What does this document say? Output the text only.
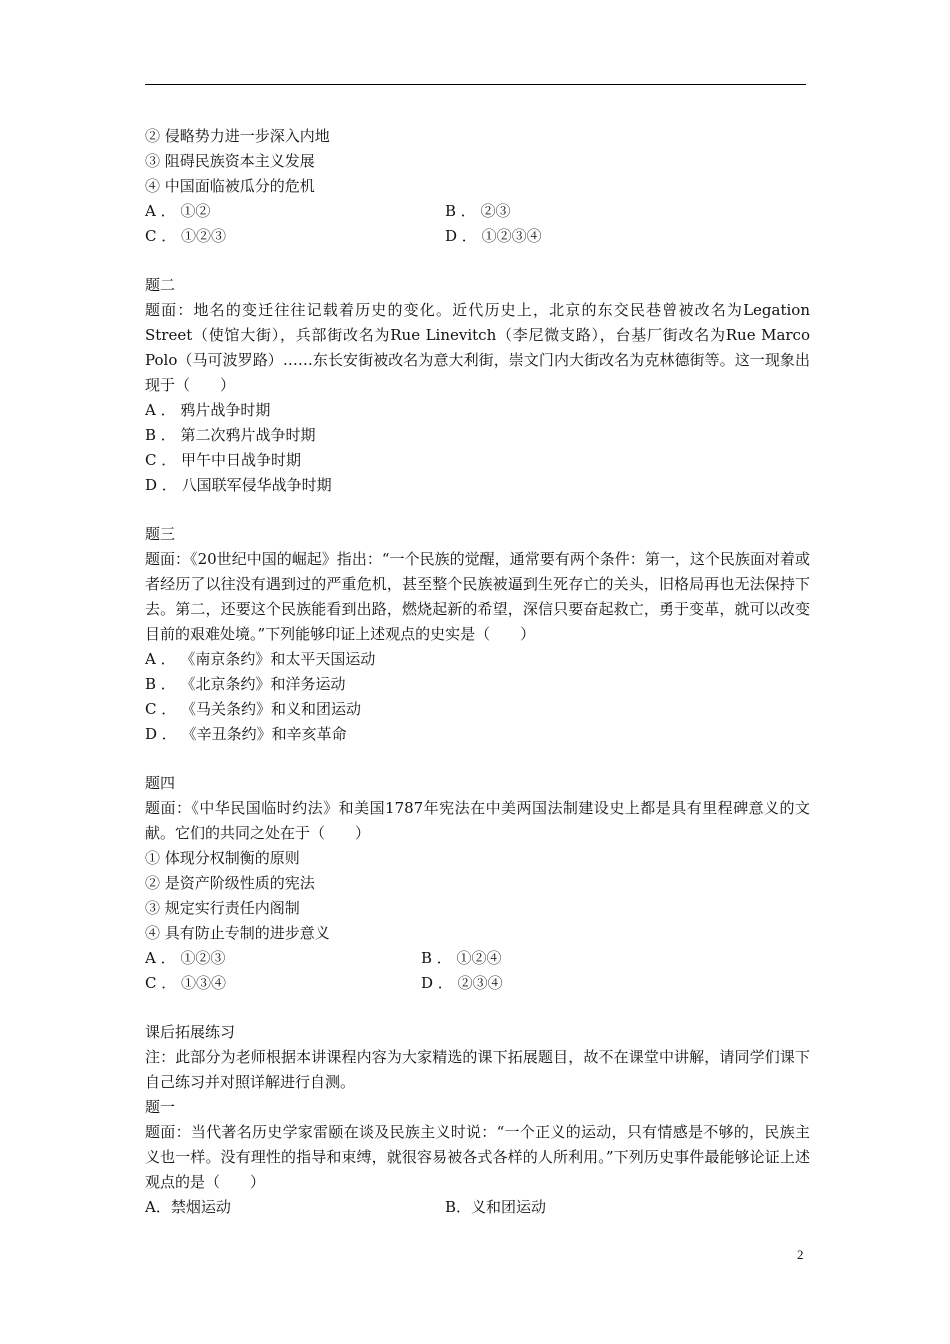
② 侵略势力进一步深入内地
③ 阻碍民族资本主义发展
④ 中国面临被瓜分的危机
A ． ①②	B ． ②③
C ． ①②③	D ． ①②③④
题二
题面：地名的变迁往往记载着历史的变化。近代历史上，北京的东交民巷曾被改名为Legation Street（使馆大街），兵部街改名为Rue Linevitch（李尼微支路），台基厂街改名为Rue Marco Polo（马可波罗路）……东长安街被改名为意大利街，崇文门内大街改名为克林德街等。这一现象出现于（　　）
A ． 鸦片战争时期
B ． 第二次鸦片战争时期
C ． 甲午中日战争时期
D ． 八国联军侵华战争时期
题三
题面：《20世纪中国的崛起》指出：“一个民族的觉醒，通常要有两个条件：第一，这个民族面对着或者经历了以往没有遇到过的严重危机，甚至整个民族被逼到生死存亡的关头，旧格局再也无法保持下去。第二，还要这个民族能看到出路，燃烧起新的希望，深信只要奋起救亡，勇于变革，就可以改变目前的艰难处境。”下列能够印证上述观点的史实是（　　）
A ． 《南京条约》和太平天国运动
B ． 《北京条约》和洋务运动
C ． 《马关条约》和义和团运动
D ． 《辛丑条约》和辛亥革命
题四
题面：《中华民国临时约法》和美国1787年宪法在中美两国法制建设史上都是具有里程碑意义的文献。它们的共同之处在于（　　）
① 体现分权制衡的原则
② 是资产阶级性质的宪法
③ 规定实行责任内阁制
④ 具有防止专制的进步意义
A ． ①②③	B ． ①②④
C ． ①③④	D ． ②③④
课后拓展练习
注：此部分为老师根据本讲课程内容为大家精选的课下拓展题目，故不在课堂中讲解，请同学们课下自己练习并对照详解进行自测。
题一
题面：当代著名历史学家雷颐在谈及民族主义时说：“一个正义的运动，只有情感是不够的，民族主义也一样。没有理性的指导和束缚，就很容易被各式各样的人所利用。”下列历史事件最能够论证上述观点的是（　　）
A．禁烟运动	B．义和团运动
2
